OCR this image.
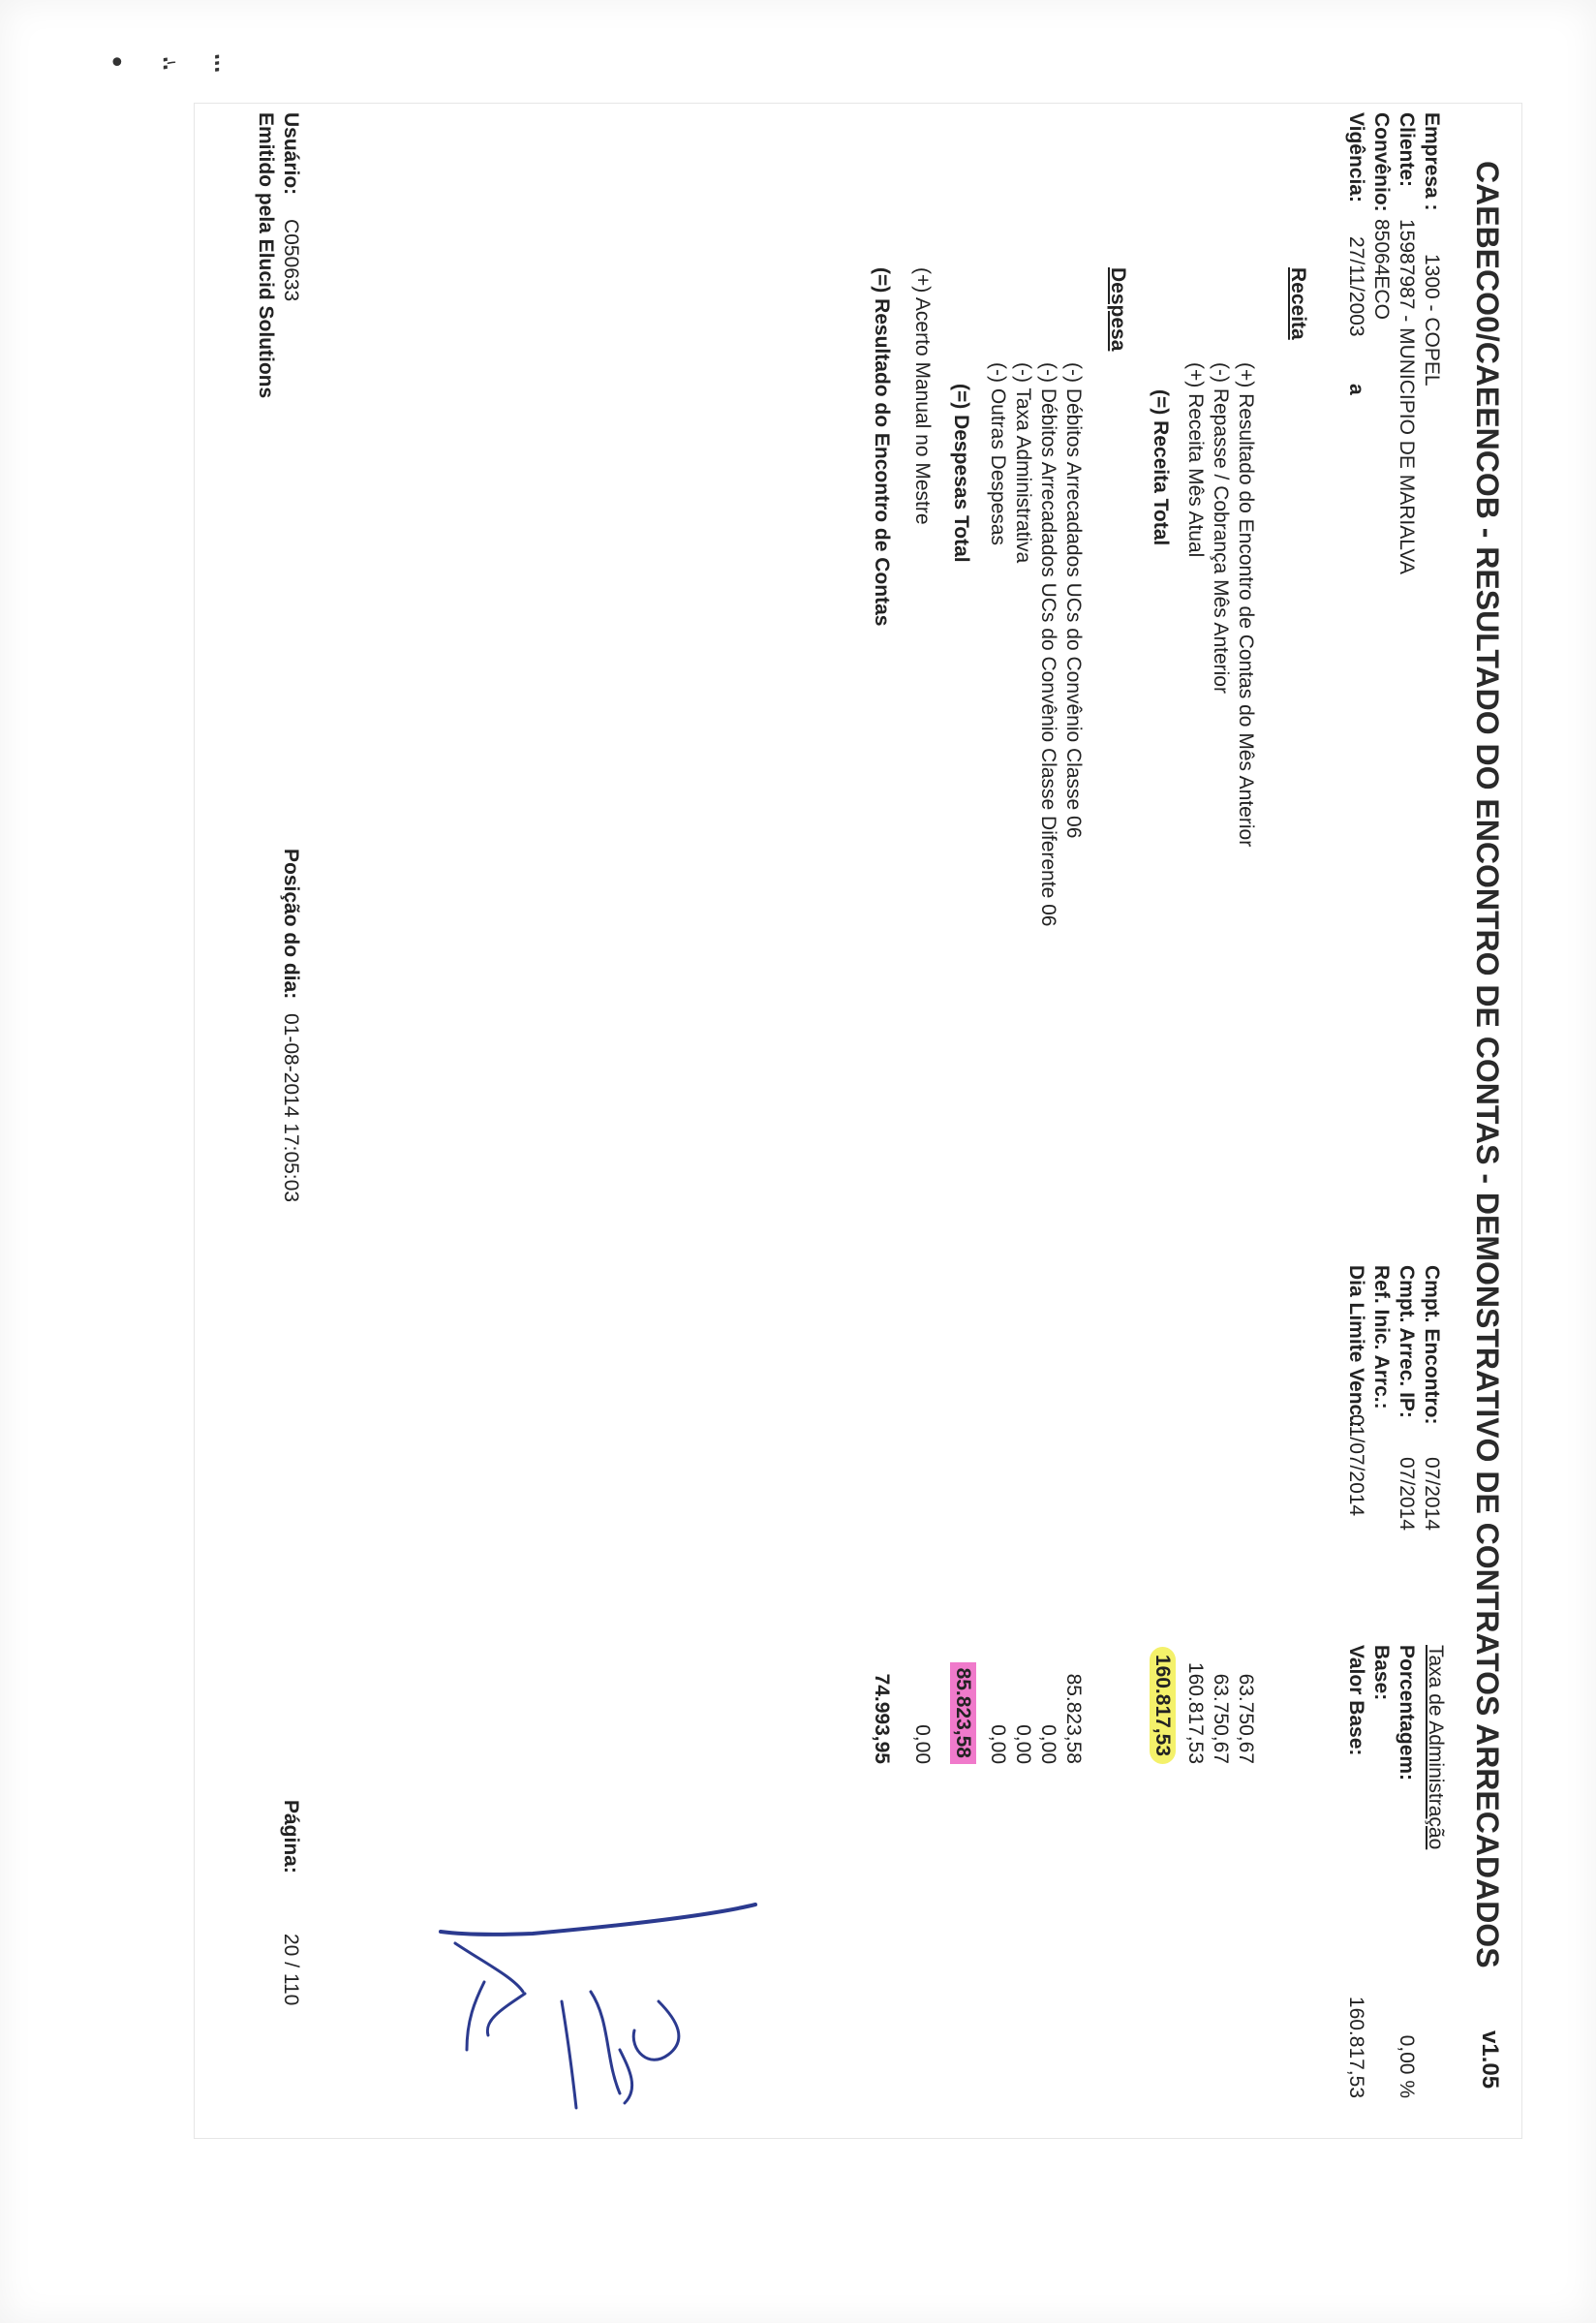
• ፦ ፧
CAEBECO0/CAEENCOB - RESULTADO DO ENCONTRO DE CONTAS - DEMONSTRATIVO DE CONTRATOS ARRECADADOS
v1.05
Empresa :
1300 - COPEL
Cliente:
15987987 - MUNICIPIO DE MARIALVA
Convênio:
85064ECO
Vigência:
27/11/2003
a
Cmpt. Encontro:
07/2014
Cmpt. Arrec. IP:
07/2014
Ref. Inic. Arrc.:
Dia Limite Venc.:
01/07/2014
Taxa de Administração
Porcentagem:
0,00 %
Base:
Valor Base:
160.817,53
Receita
(+) Resultado do Encontro de Contas do Mês Anterior
63.750,67
(-) Repasse / Cobrança Mês Anterior
63.750,67
(+) Receita Mês Atual
160.817,53
(=) Receita Total
160.817,53
Despesa
(-) Débitos Arrecadados UCs do Convênio Classe 06
85.823,58
(-) Débitos Arrecadados UCs do Convênio Classe Diferente 06
0,00
(-) Taxa Administrativa
0,00
(-) Outras Despesas
0,00
(=) Despesas Total
85.823,58
(+) Acerto Manual no Mestre
0,00
(=) Resultado do Encontro de Contas
74.993,95
Usuário:
C050633
Emitido pela Elucid Solutions
Posição do dia:
01-08-2014 17:05:03
Página:
20 / 110
